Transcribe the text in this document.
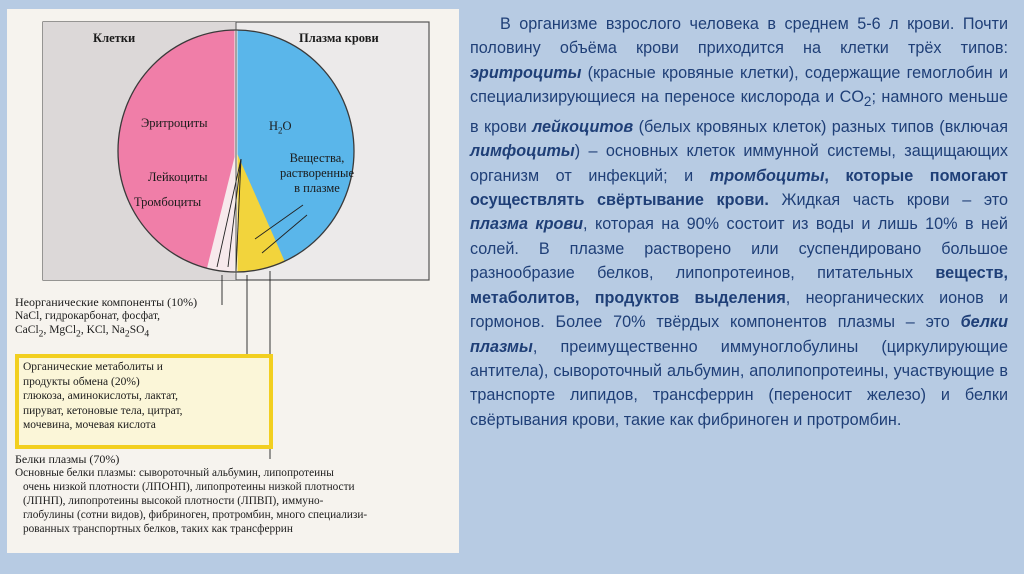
Клетки	Плазма крови
Эритроциты	$H_2O$
Лейкоциты
Тромбоциты
Вещества,
растворенные
в плазме
Неорганические компоненты (10%)
NaCl, гидрокарбонат, фосфат,
CaCl$_2$, MgCl$_2$, KCl, $Na_2SO_4$
Органические метаболиты и
продукты обмена (20%)
глюкоза, аминокислоты, лактат,
пируват, кетоновые тела, цитрат,
мочевина, мочевая кислота
Белки плазмы (70%)
Основные белки плазмы: сывороточный альбумин, липопротеины
очень низкой плотности (ЛПОНП), липопротеины низкой плотности
(ЛПНП), липопротеины высокой плотности (ЛПВП), иммуно-
глобулины (сотни видов), фибриноген, протромбин, много специализи-
рованных транспортных белков, таких как трансферрин

В организме взрослого человека в среднем 5-6 л крови. Почти половину объёма крови приходится на клетки трёх типов: эритроциты (красные кровяные клетки), содержащие гемоглобин и специализирующиеся на переносе кислорода и $CO_2$; намного меньше в крови лейкоцитов (белых кровяных клеток) разных типов (включая лимфоциты) – основных клеток иммунной системы, защищающих организм от инфекций; и тромбоциты, которые помогают осуществлять свёртывание крови. Жидкая часть крови – это плазма крови, которая на 90% состоит из воды и лишь 10% в ней солей. В плазме растворено или суспендировано большое разнообразие белков, липопротеинов, питательных веществ, метаболитов, продуктов выделения, неорганических ионов и гормонов. Более 70% твёрдых компонентов плазмы – это белки плазмы, преимущественно иммуноглобулины (циркулирующие антитела), сывороточный альбумин, аполипопротеины, участвующие в транспорте липидов, трансферрин (переносит железо) и белки свёртывания крови, такие как фибриноген и протромбин.
